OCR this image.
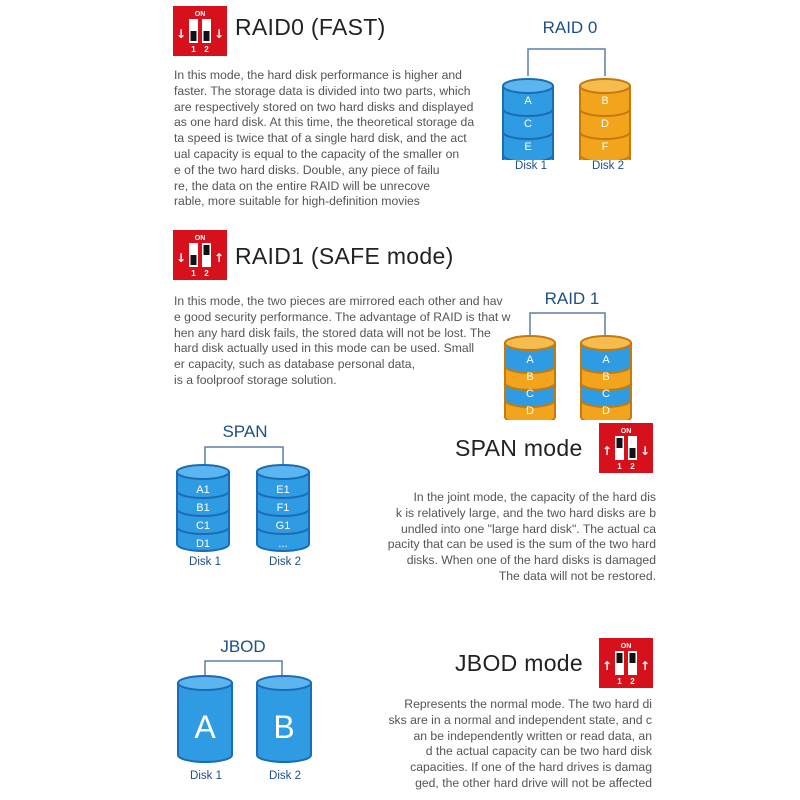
ON
↓ ↓
1 2
RAID0 (FAST)
In this mode, the hard disk performance is higher and
faster. The storage data is divided into two parts, which
are respectively stored on two hard disks and displayed
as one hard disk. At this time, the theoretical storage da
ta speed is twice that of a single hard disk, and the act
ual capacity is equal to the capacity of the smaller on
e of the two hard disks. Double, any piece of failu
re, the data on the entire RAID will be unrecove
rable, more suitable for high-definition movies
RAID 0
A
C
E
B
D
F
Disk 1	Disk 2
ON
↓ ↑
1 2
RAID1 (SAFE mode)
In this mode, the two pieces are mirrored each other and hav
e good security performance. The advantage of RAID is that w
hen any hard disk fails, the stored data will not be lost. The
hard disk actually used in this mode can be used. Small
er capacity, such as database personal data,
is a foolproof storage solution.
RAID 1
A
B
C
D
A
B
C
D
SPAN
A1
B1
C1
D1
E1
F1
G1
...
Disk 1	Disk 2
SPAN mode
ON
↑ ↓
1 2
In the joint mode, the capacity of the hard dis
k is relatively large, and the two hard disks are b
undled into one "large hard disk". The actual ca
pacity that can be used is the sum of the two hard
disks. When one of the hard disks is damaged
The data will not be restored.
JBOD
A B
Disk 1	Disk 2
JBOD mode
ON
↑ ↑
1 2
Represents the normal mode. The two hard di
sks are in a normal and independent state, and c
an be independently written or read data, an
d the actual capacity can be two hard disk
capacities. If one of the hard drives is damag
ged, the other hard drive will not be affected
